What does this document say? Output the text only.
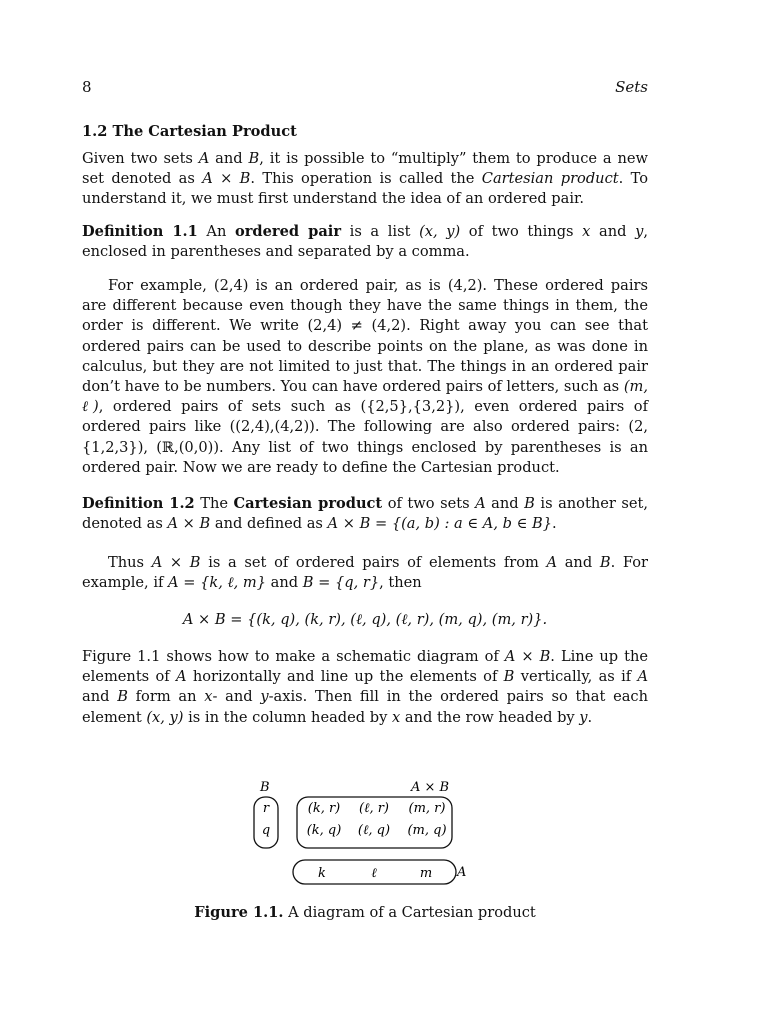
8	Sets
1.2 The Cartesian Product

Given two sets A and B, it is possible to “multiply” them to produce a new set denoted as A × B. This operation is called the Cartesian product. To understand it, we must first understand the idea of an ordered pair.

Definition 1.1 An ordered pair is a list (x, y) of two things x and y, enclosed in parentheses and separated by a comma.

For example, (2,4) is an ordered pair, as is (4,2). These ordered pairs are different because even though they have the same things in them, the order is different. We write (2,4) ≠ (4,2). Right away you can see that ordered pairs can be used to describe points on the plane, as was done in calculus, but they are not limited to just that. The things in an ordered pair don’t have to be numbers. You can have ordered pairs of letters, such as (m, ℓ), ordered pairs of sets such as ({2,5},{3,2}), even ordered pairs of ordered pairs like ((2,4),(4,2)). The following are also ordered pairs: (2,{1,2,3}), (ℝ,(0,0)). Any list of two things enclosed by parentheses is an ordered pair. Now we are ready to define the Cartesian product.

Definition 1.2 The Cartesian product of two sets A and B is another set, denoted as A × B and defined as A × B = {(a, b) : a ∈ A, b ∈ B}.

Thus A × B is a set of ordered pairs of elements from A and B. For example, if A = {k, ℓ, m} and B = {q, r}, then

A × B = {(k, q), (k, r), (ℓ, q), (ℓ, r), (m, q), (m, r)}.

Figure 1.1 shows how to make a schematic diagram of A × B. Line up the elements of A horizontally and line up the elements of B vertically, as if A and B form an x- and y-axis. Then fill in the ordered pairs so that each element (x, y) is in the column headed by x and the row headed by y.

Figure 1.1. A diagram of a Cartesian product

B	A × B
A
r
q
k	ℓ	m
(k, r) (ℓ, r) (m, r)
(k, q) (ℓ, q) (m, q)
